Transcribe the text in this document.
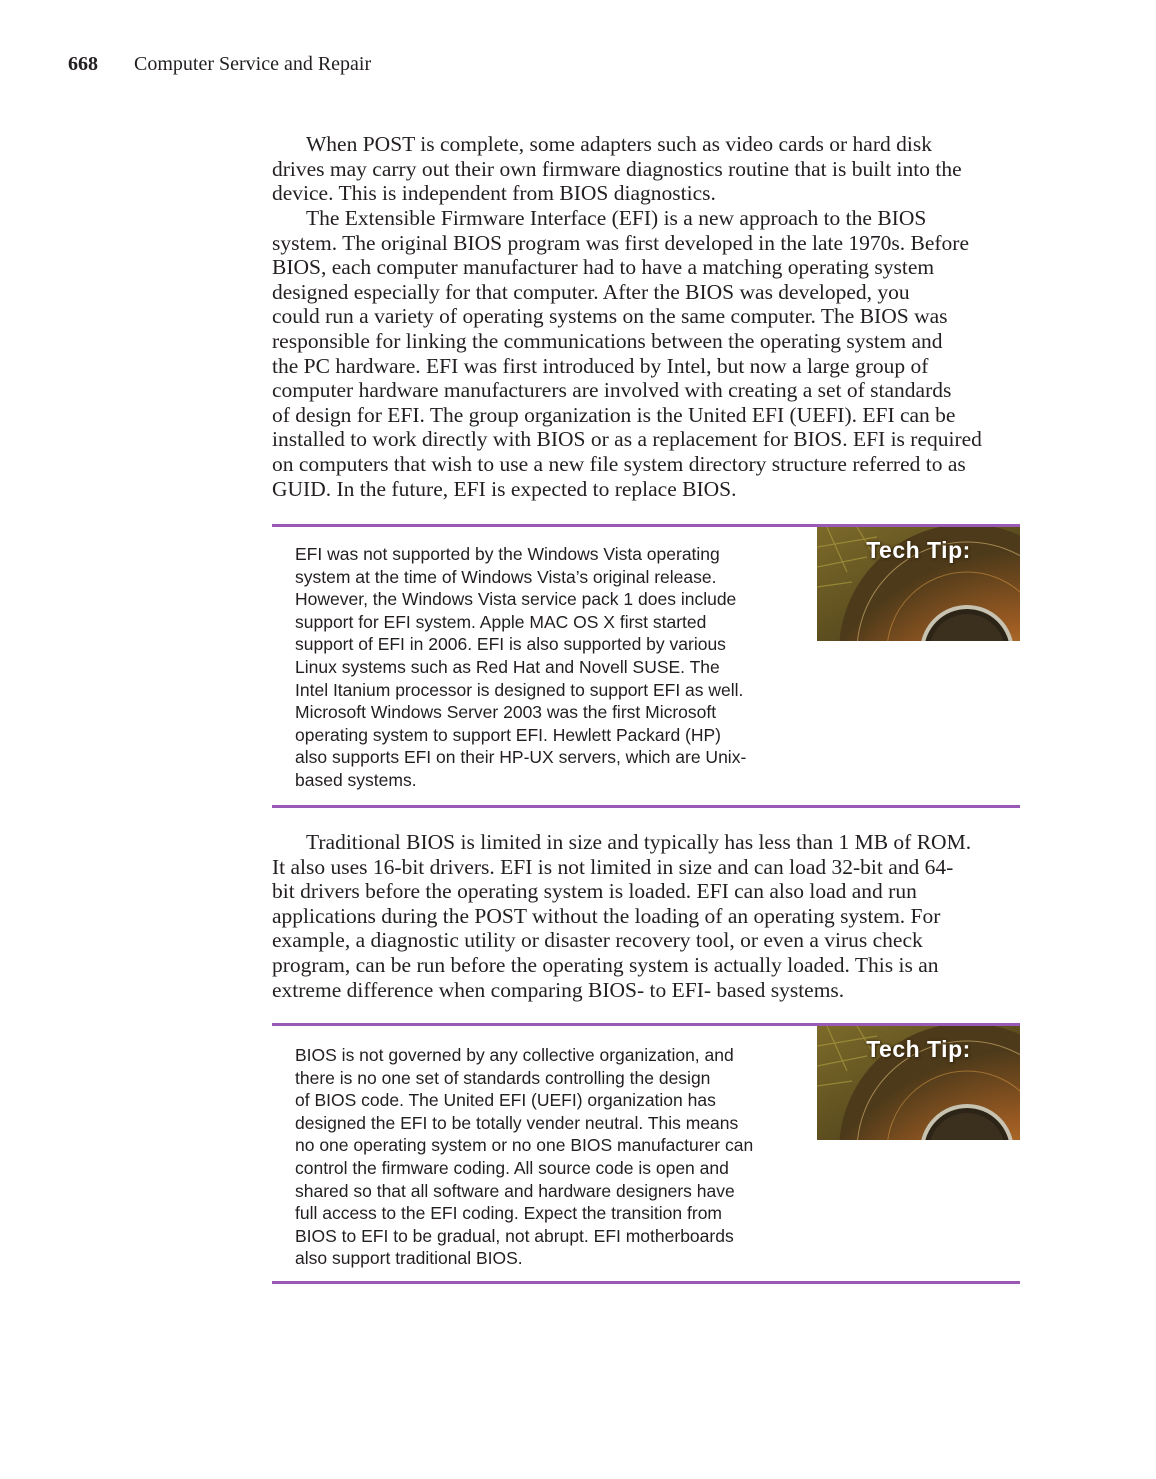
668 Computer Service and Repair

When POST is complete, some adapters such as video cards or hard disk
drives may carry out their own firmware diagnostics routine that is built into the
device. This is independent from BIOS diagnostics.

The Extensible Firmware Interface (EFI) is a new approach to the BIOS
system. The original BIOS program was first developed in the late 1970s. Before
BIOS, each computer manufacturer had to have a matching operating system
designed especially for that computer. After the BIOS was developed, you
could run a variety of operating systems on the same computer. The BIOS was
responsible for linking the communications between the operating system and
the PC hardware. EFI was first introduced by Intel, but now a large group of
computer hardware manufacturers are involved with creating a set of standards
of design for EFI. The group organization is the United EFI (UEFI). EFI can be
installed to work directly with BIOS or as a replacement for BIOS. EFI is required
on computers that wish to use a new file system directory structure referred to as
GUID. In the future, EFI is expected to replace BIOS.

EFI was not supported by the Windows Vista operating
system at the time of Windows Vista’s original release.
However, the Windows Vista service pack 1 does include
support for EFI system. Apple MAC OS X first started
support of EFI in 2006. EFI is also supported by various
Linux systems such as Red Hat and Novell SUSE. The
Intel Itanium processor is designed to support EFI as well.
Microsoft Windows Server 2003 was the first Microsoft
operating system to support EFI. Hewlett Packard (HP)
also supports EFI on their HP-UX servers, which are Unix-
based systems.
Tech Tip:

Traditional BIOS is limited in size and typically has less than 1 MB of ROM.
It also uses 16-bit drivers. EFI is not limited in size and can load 32-bit and 64-
bit drivers before the operating system is loaded. EFI can also load and run
applications during the POST without the loading of an operating system. For
example, a diagnostic utility or disaster recovery tool, or even a virus check
program, can be run before the operating system is actually loaded. This is an
extreme difference when comparing BIOS- to EFI- based systems.

BIOS is not governed by any collective organization, and
there is no one set of standards controlling the design
of BIOS code. The United EFI (UEFI) organization has
designed the EFI to be totally vender neutral. This means
no one operating system or no one BIOS manufacturer can
control the firmware coding. All source code is open and
shared so that all software and hardware designers have
full access to the EFI coding. Expect the transition from
BIOS to EFI to be gradual, not abrupt. EFI motherboards
also support traditional BIOS.
Tech Tip:
